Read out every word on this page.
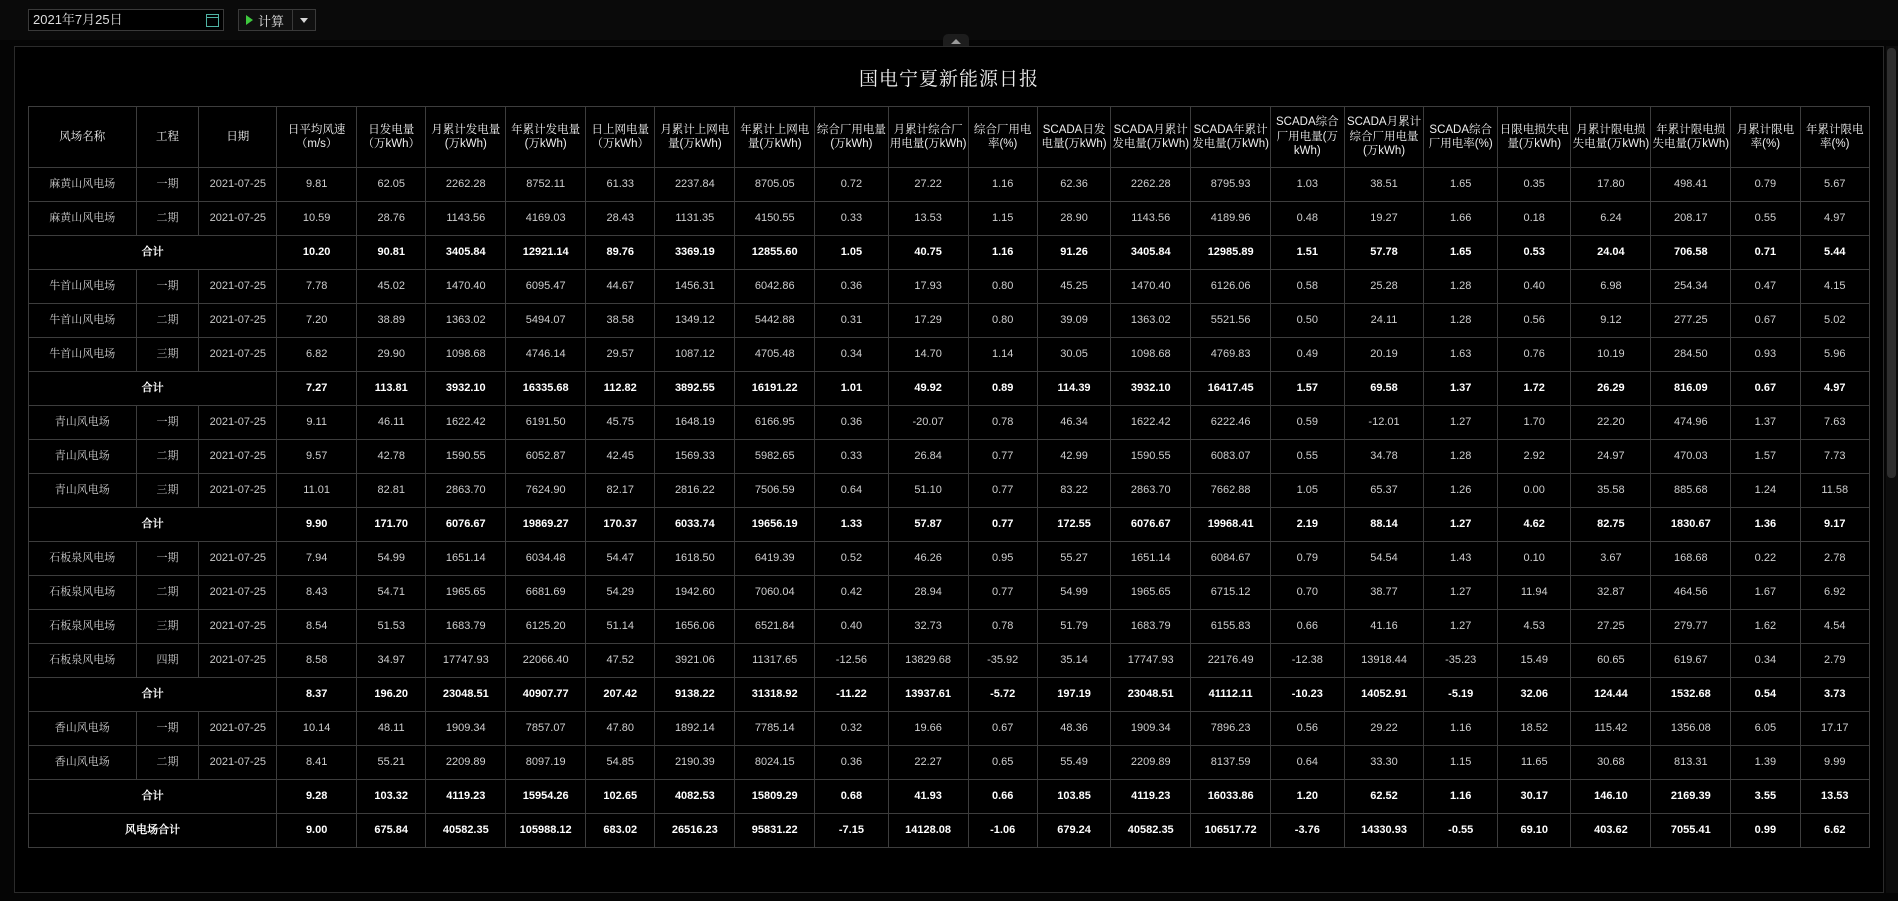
2021年7月25日	计算
国电宁夏新能源日报
风场名称	工程	日期	日平均风速（m/s）	日发电量（万kWh）	月累计发电量(万kWh)	年累计发电量(万kWh)	日上网电量（万kWh）	月累计上网电量(万kWh)	年累计上网电量(万kWh)	综合厂用电量(万kWh)	月累计综合厂用电量(万kWh)	综合厂用电率(%)	SCADA日发电量(万kWh)	SCADA月累计发电量(万kWh)	SCADA年累计发电量(万kWh)	SCADA综合厂用电量(万kWh)	SCADA月累计综合厂用电量(万kWh)	SCADA综合厂用电率(%)	日限电损失电量(万kWh)	月累计限电损失电量(万kWh)	年累计限电损失电量(万kWh)	月累计限电率(%)	年累计限电率(%)
麻黄山风电场	一期	2021-07-25	9.81	62.05	2262.28	8752.11	61.33	2237.84	8705.05	0.72	27.22	1.16	62.36	2262.28	8795.93	1.03	38.51	1.65	0.35	17.80	498.41	0.79	5.67
麻黄山风电场	二期	2021-07-25	10.59	28.76	1143.56	4169.03	28.43	1131.35	4150.55	0.33	13.53	1.15	28.90	1143.56	4189.96	0.48	19.27	1.66	0.18	6.24	208.17	0.55	4.97
合计			10.20	90.81	3405.84	12921.14	89.76	3369.19	12855.60	1.05	40.75	1.16	91.26	3405.84	12985.89	1.51	57.78	1.65	0.53	24.04	706.58	0.71	5.44
牛首山风电场	一期	2021-07-25	7.78	45.02	1470.40	6095.47	44.67	1456.31	6042.86	0.36	17.93	0.80	45.25	1470.40	6126.06	0.58	25.28	1.28	0.40	6.98	254.34	0.47	4.15
牛首山风电场	二期	2021-07-25	7.20	38.89	1363.02	5494.07	38.58	1349.12	5442.88	0.31	17.29	0.80	39.09	1363.02	5521.56	0.50	24.11	1.28	0.56	9.12	277.25	0.67	5.02
牛首山风电场	三期	2021-07-25	6.82	29.90	1098.68	4746.14	29.57	1087.12	4705.48	0.34	14.70	1.14	30.05	1098.68	4769.83	0.49	20.19	1.63	0.76	10.19	284.50	0.93	5.96
合计			7.27	113.81	3932.10	16335.68	112.82	3892.55	16191.22	1.01	49.92	0.89	114.39	3932.10	16417.45	1.57	69.58	1.37	1.72	26.29	816.09	0.67	4.97
青山风电场	一期	2021-07-25	9.11	46.11	1622.42	6191.50	45.75	1648.19	6166.95	0.36	-20.07	0.78	46.34	1622.42	6222.46	0.59	-12.01	1.27	1.70	22.20	474.96	1.37	7.63
青山风电场	二期	2021-07-25	9.57	42.78	1590.55	6052.87	42.45	1569.33	5982.65	0.33	26.84	0.77	42.99	1590.55	6083.07	0.55	34.78	1.28	2.92	24.97	470.03	1.57	7.73
青山风电场	三期	2021-07-25	11.01	82.81	2863.70	7624.90	82.17	2816.22	7506.59	0.64	51.10	0.77	83.22	2863.70	7662.88	1.05	65.37	1.26	0.00	35.58	885.68	1.24	11.58
合计			9.90	171.70	6076.67	19869.27	170.37	6033.74	19656.19	1.33	57.87	0.77	172.55	6076.67	19968.41	2.19	88.14	1.27	4.62	82.75	1830.67	1.36	9.17
石板泉风电场	一期	2021-07-25	7.94	54.99	1651.14	6034.48	54.47	1618.50	6419.39	0.52	46.26	0.95	55.27	1651.14	6084.67	0.79	54.54	1.43	0.10	3.67	168.68	0.22	2.78
石板泉风电场	二期	2021-07-25	8.43	54.71	1965.65	6681.69	54.29	1942.60	7060.04	0.42	28.94	0.77	54.99	1965.65	6715.12	0.70	38.77	1.27	11.94	32.87	464.56	1.67	6.92
石板泉风电场	三期	2021-07-25	8.54	51.53	1683.79	6125.20	51.14	1656.06	6521.84	0.40	32.73	0.78	51.79	1683.79	6155.83	0.66	41.16	1.27	4.53	27.25	279.77	1.62	4.54
石板泉风电场	四期	2021-07-25	8.58	34.97	17747.93	22066.40	47.52	3921.06	11317.65	-12.56	13829.68	-35.92	35.14	17747.93	22176.49	-12.38	13918.44	-35.23	15.49	60.65	619.67	0.34	2.79
合计			8.37	196.20	23048.51	40907.77	207.42	9138.22	31318.92	-11.22	13937.61	-5.72	197.19	23048.51	41112.11	-10.23	14052.91	-5.19	32.06	124.44	1532.68	0.54	3.73
香山风电场	一期	2021-07-25	10.14	48.11	1909.34	7857.07	47.80	1892.14	7785.14	0.32	19.66	0.67	48.36	1909.34	7896.23	0.56	29.22	1.16	18.52	115.42	1356.08	6.05	17.17
香山风电场	二期	2021-07-25	8.41	55.21	2209.89	8097.19	54.85	2190.39	8024.15	0.36	22.27	0.65	55.49	2209.89	8137.59	0.64	33.30	1.15	11.65	30.68	813.31	1.39	9.99
合计			9.28	103.32	4119.23	15954.26	102.65	4082.53	15809.29	0.68	41.93	0.66	103.85	4119.23	16033.86	1.20	62.52	1.16	30.17	146.10	2169.39	3.55	13.53
风电场合计			9.00	675.84	40582.35	105988.12	683.02	26516.23	95831.22	-7.15	14128.08	-1.06	679.24	40582.35	106517.72	-3.76	14330.93	-0.55	69.10	403.62	7055.41	0.99	6.62
